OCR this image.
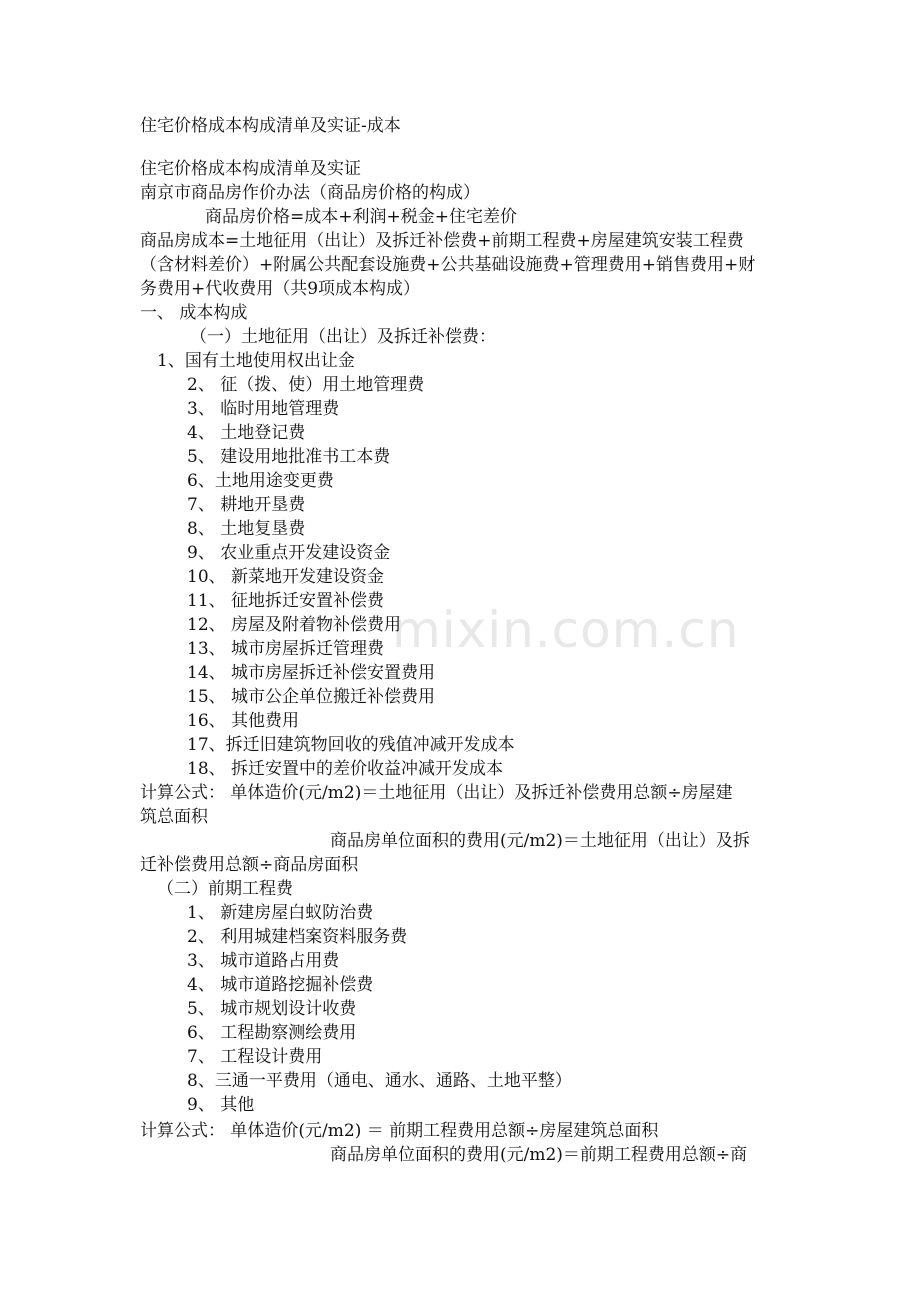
mixin.com.cn
住宅价格成本构成清单及实证-成本
住宅价格成本构成清单及实证
南京市商品房作价办法（商品房价格的构成）
商品房价格=成本+利润+税金+住宅差价
商品房成本=土地征用（出让）及拆迁补偿费+前期工程费+房屋建筑安装工程费
（含材料差价）+附属公共配套设施费+公共基础设施费+管理费用+销售费用+财
务费用+代收费用（共9项成本构成）
一、 成本构成
（一）土地征用（出让）及拆迁补偿费：
1、国有土地使用权出让金
2、 征（拨、使）用土地管理费
3、 临时用地管理费
4、 土地登记费
5、 建设用地批准书工本费
6、土地用途变更费
7、 耕地开垦费
8、 土地复垦费
9、 农业重点开发建设资金
10、 新菜地开发建设资金
11、 征地拆迁安置补偿费
12、 房屋及附着物补偿费用
13、 城市房屋拆迁管理费
14、 城市房屋拆迁补偿安置费用
15、 城市公企单位搬迁补偿费用
16、 其他费用
17、拆迁旧建筑物回收的残值冲减开发成本
18、 拆迁安置中的差价收益冲减开发成本
计算公式： 单体造价(元/m2)＝土地征用（出让）及拆迁补偿费用总额÷房屋建
筑总面积
商品房单位面积的费用(元/m2)＝土地征用（出让）及拆
迁补偿费用总额÷商品房面积
（二）前期工程费
1、 新建房屋白蚁防治费
2、 利用城建档案资料服务费
3、 城市道路占用费
4、 城市道路挖掘补偿费
5、 城市规划设计收费
6、 工程勘察测绘费用
7、 工程设计费用
8、三通一平费用（通电、通水、通路、土地平整）
9、 其他
计算公式： 单体造价(元/m2) ＝ 前期工程费用总额÷房屋建筑总面积
商品房单位面积的费用(元/m2)＝前期工程费用总额÷商
